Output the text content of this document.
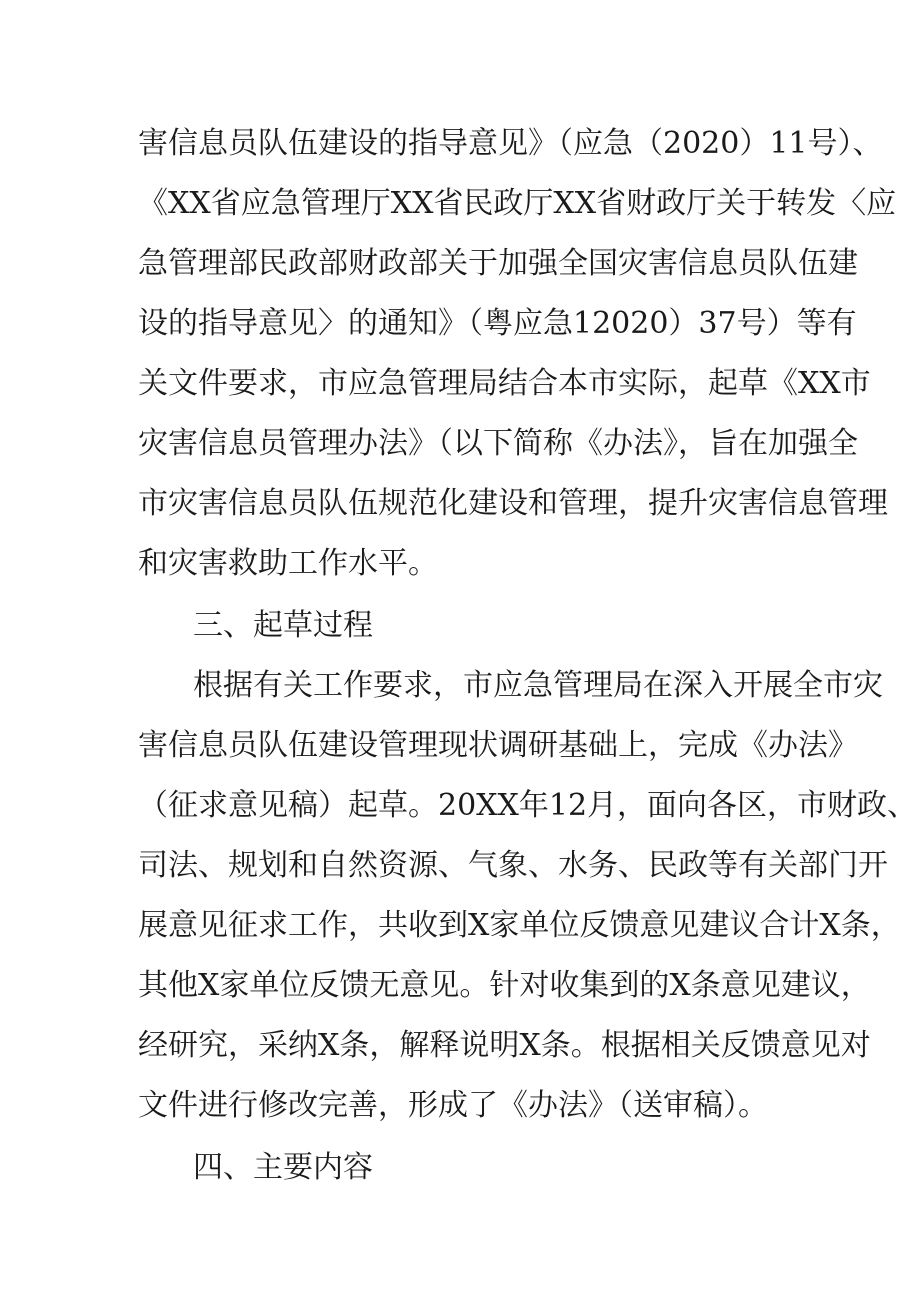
害信息员队伍建设的指导意见》（应急（2020）11号）、
《XX省应急管理厅XX省民政厅XX省财政厅关于转发〈应
急管理部民政部财政部关于加强全国灾害信息员队伍建
设的指导意见〉的通知》（粤应急12020）37号）等有
关文件要求，市应急管理局结合本市实际，起草《XX市
灾害信息员管理办法》（以下简称《办法》，旨在加强全
市灾害信息员队伍规范化建设和管理，提升灾害信息管理
和灾害救助工作水平。
三、起草过程
根据有关工作要求，市应急管理局在深入开展全市灾
害信息员队伍建设管理现状调研基础上，完成《办法》
（征求意见稿）起草。20XX年12月，面向各区，市财政、
司法、规划和自然资源、气象、水务、民政等有关部门开
展意见征求工作，共收到X家单位反馈意见建议合计X条，
其他X家单位反馈无意见。针对收集到的X条意见建议，
经研究，采纳X条，解释说明X条。根据相关反馈意见对
文件进行修改完善，形成了《办法》（送审稿）。
四、主要内容
